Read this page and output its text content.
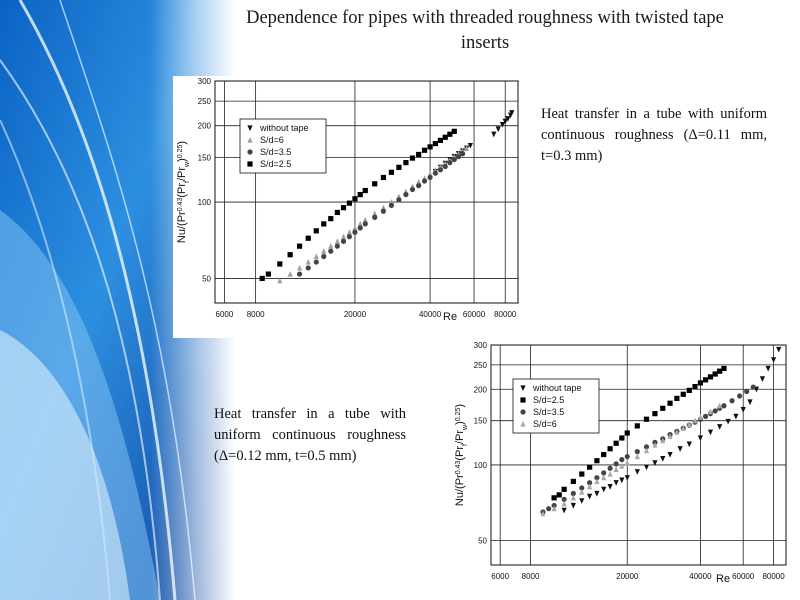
Dependence for pipes with threaded roughness with twisted tape
inserts
Heat transfer in a tube with uniform continuous roughness (Δ=0.11 mm, t=0.3 mm)
Heat transfer in a tube with uniform continuous roughness (Δ=0.12 mm, t=0.5 mm)
6000 8000	20000	40000	60000 80000
50
100
150
200
250
300
without tape
S/d=6
S/d=3.5
S/d=2.5
Re
$Nu/(Pr^{0.43}(Pr_f/Pr_w)^{0.25})$
6000 8000	20000	40000	60000 80000
50
100
150
200
250
300
without tape
S/d=2.5
S/d=3.5
S/d=6
Re
$Nu/(Pr^{0.43}(Pr_f/Pr_w)^{0.25})$
